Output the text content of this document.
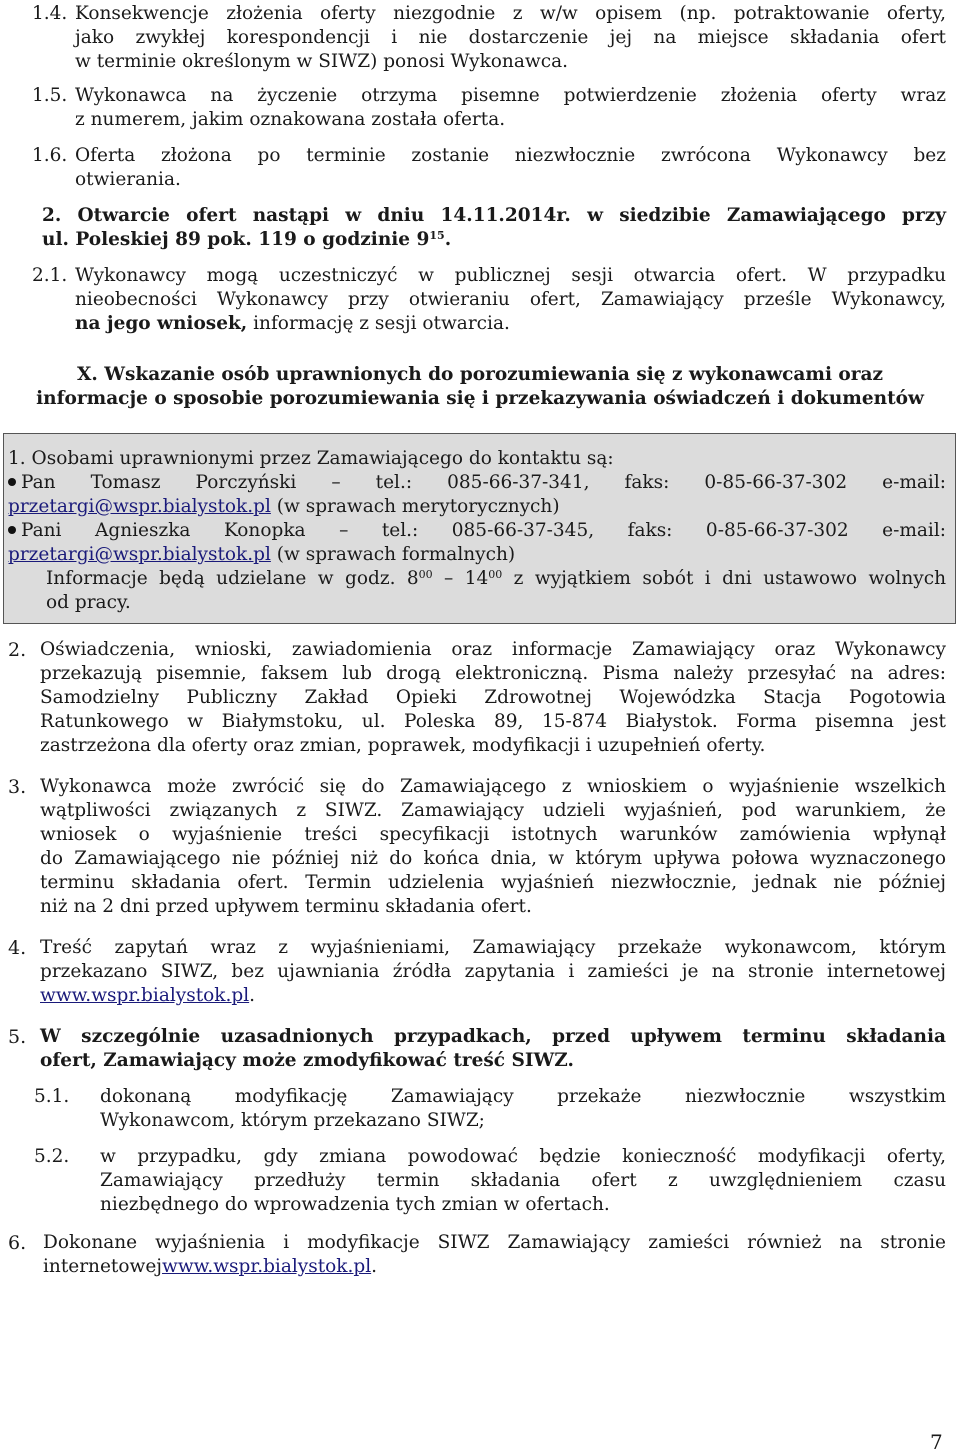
1.4. Konsekwencje złożenia oferty niezgodnie z w/w opisem (np. potraktowanie oferty,
jako zwykłej korespondencji i nie dostarczenie jej na miejsce składania ofert
w terminie określonym w SIWZ) ponosi Wykonawca.
1.5. Wykonawca na życzenie otrzyma pisemne potwierdzenie złożenia oferty wraz
z numerem, jakim oznakowana została oferta.
1.6. Oferta złożona po terminie zostanie niezwłocznie zwrócona Wykonawcy bez
otwierania.
2. Otwarcie ofert nastąpi w dniu 14.11.2014r. w siedzibie Zamawiającego przy
ul. Poleskiej 89 pok. 119 o godzinie $9^{15}$.
2.1. Wykonawcy mogą uczestniczyć w publicznej sesji otwarcia ofert. W przypadku
nieobecności Wykonawcy przy otwieraniu ofert, Zamawiający prześle Wykonawcy,
na jego wniosek, informację z sesji otwarcia.
X. Wskazanie osób uprawnionych do porozumiewania się z wykonawcami oraz
informacje o sposobie porozumiewania się i przekazywania oświadczeń i dokumentów
1. Osobami uprawnionymi przez Zamawiającego do kontaktu są:
Pan Tomasz Porczyński – tel.: 085-66-37-341, faks: 0-85-66-37-302 e-mail:
przetargi@wspr.bialystok.pl (w sprawach merytorycznych)
Pani Agnieszka Konopka – tel.: 085-66-37-345, faks: 0-85-66-37-302 e-mail:
przetargi@wspr.bialystok.pl (w sprawach formalnych)
Informacje będą udzielane w godz. $8^{00} - 14^{00}$ z wyjątkiem sobót i dni ustawowo wolnych
od pracy.
2. Oświadczenia, wnioski, zawiadomienia oraz informacje Zamawiający oraz Wykonawcy
przekazują pisemnie, faksem lub drogą elektroniczną. Pisma należy przesyłać na adres:
Samodzielny Publiczny Zakład Opieki Zdrowotnej Wojewódzka Stacja Pogotowia
Ratunkowego w Białymstoku, ul. Poleska 89, 15-874 Białystok. Forma pisemna jest
zastrzeżona dla oferty oraz zmian, poprawek, modyfikacji i uzupełnień oferty.
3. Wykonawca może zwrócić się do Zamawiającego z wnioskiem o wyjaśnienie wszelkich
wątpliwości związanych z SIWZ. Zamawiający udzieli wyjaśnień, pod warunkiem, że
wniosek o wyjaśnienie treści specyfikacji istotnych warunków zamówienia wpłynął
do Zamawiającego nie później niż do końca dnia, w którym upływa połowa wyznaczonego
terminu składania ofert. Termin udzielenia wyjaśnień niezwłocznie, jednak nie później
niż na 2 dni przed upływem terminu składania ofert.
4. Treść zapytań wraz z wyjaśnieniami, Zamawiający przekaże wykonawcom, którym
przekazano SIWZ, bez ujawniania źródła zapytania i zamieści je na stronie internetowej
www.wspr.bialystok.pl.
5. W szczególnie uzasadnionych przypadkach, przed upływem terminu składania
ofert, Zamawiający może zmodyfikować treść SIWZ.
5.1. dokonaną modyfikację Zamawiający przekaże niezwłocznie wszystkim
Wykonawcom, którym przekazano SIWZ;
5.2. w przypadku, gdy zmiana powodować będzie konieczność modyfikacji oferty,
Zamawiający przedłuży termin składania ofert z uwzględnieniem czasu
niezbędnego do wprowadzenia tych zmian w ofertach.
6. Dokonane wyjaśnienia i modyfikacje SIWZ Zamawiający zamieści również na stronie
internetowejwww.wspr.bialystok.pl.
7
